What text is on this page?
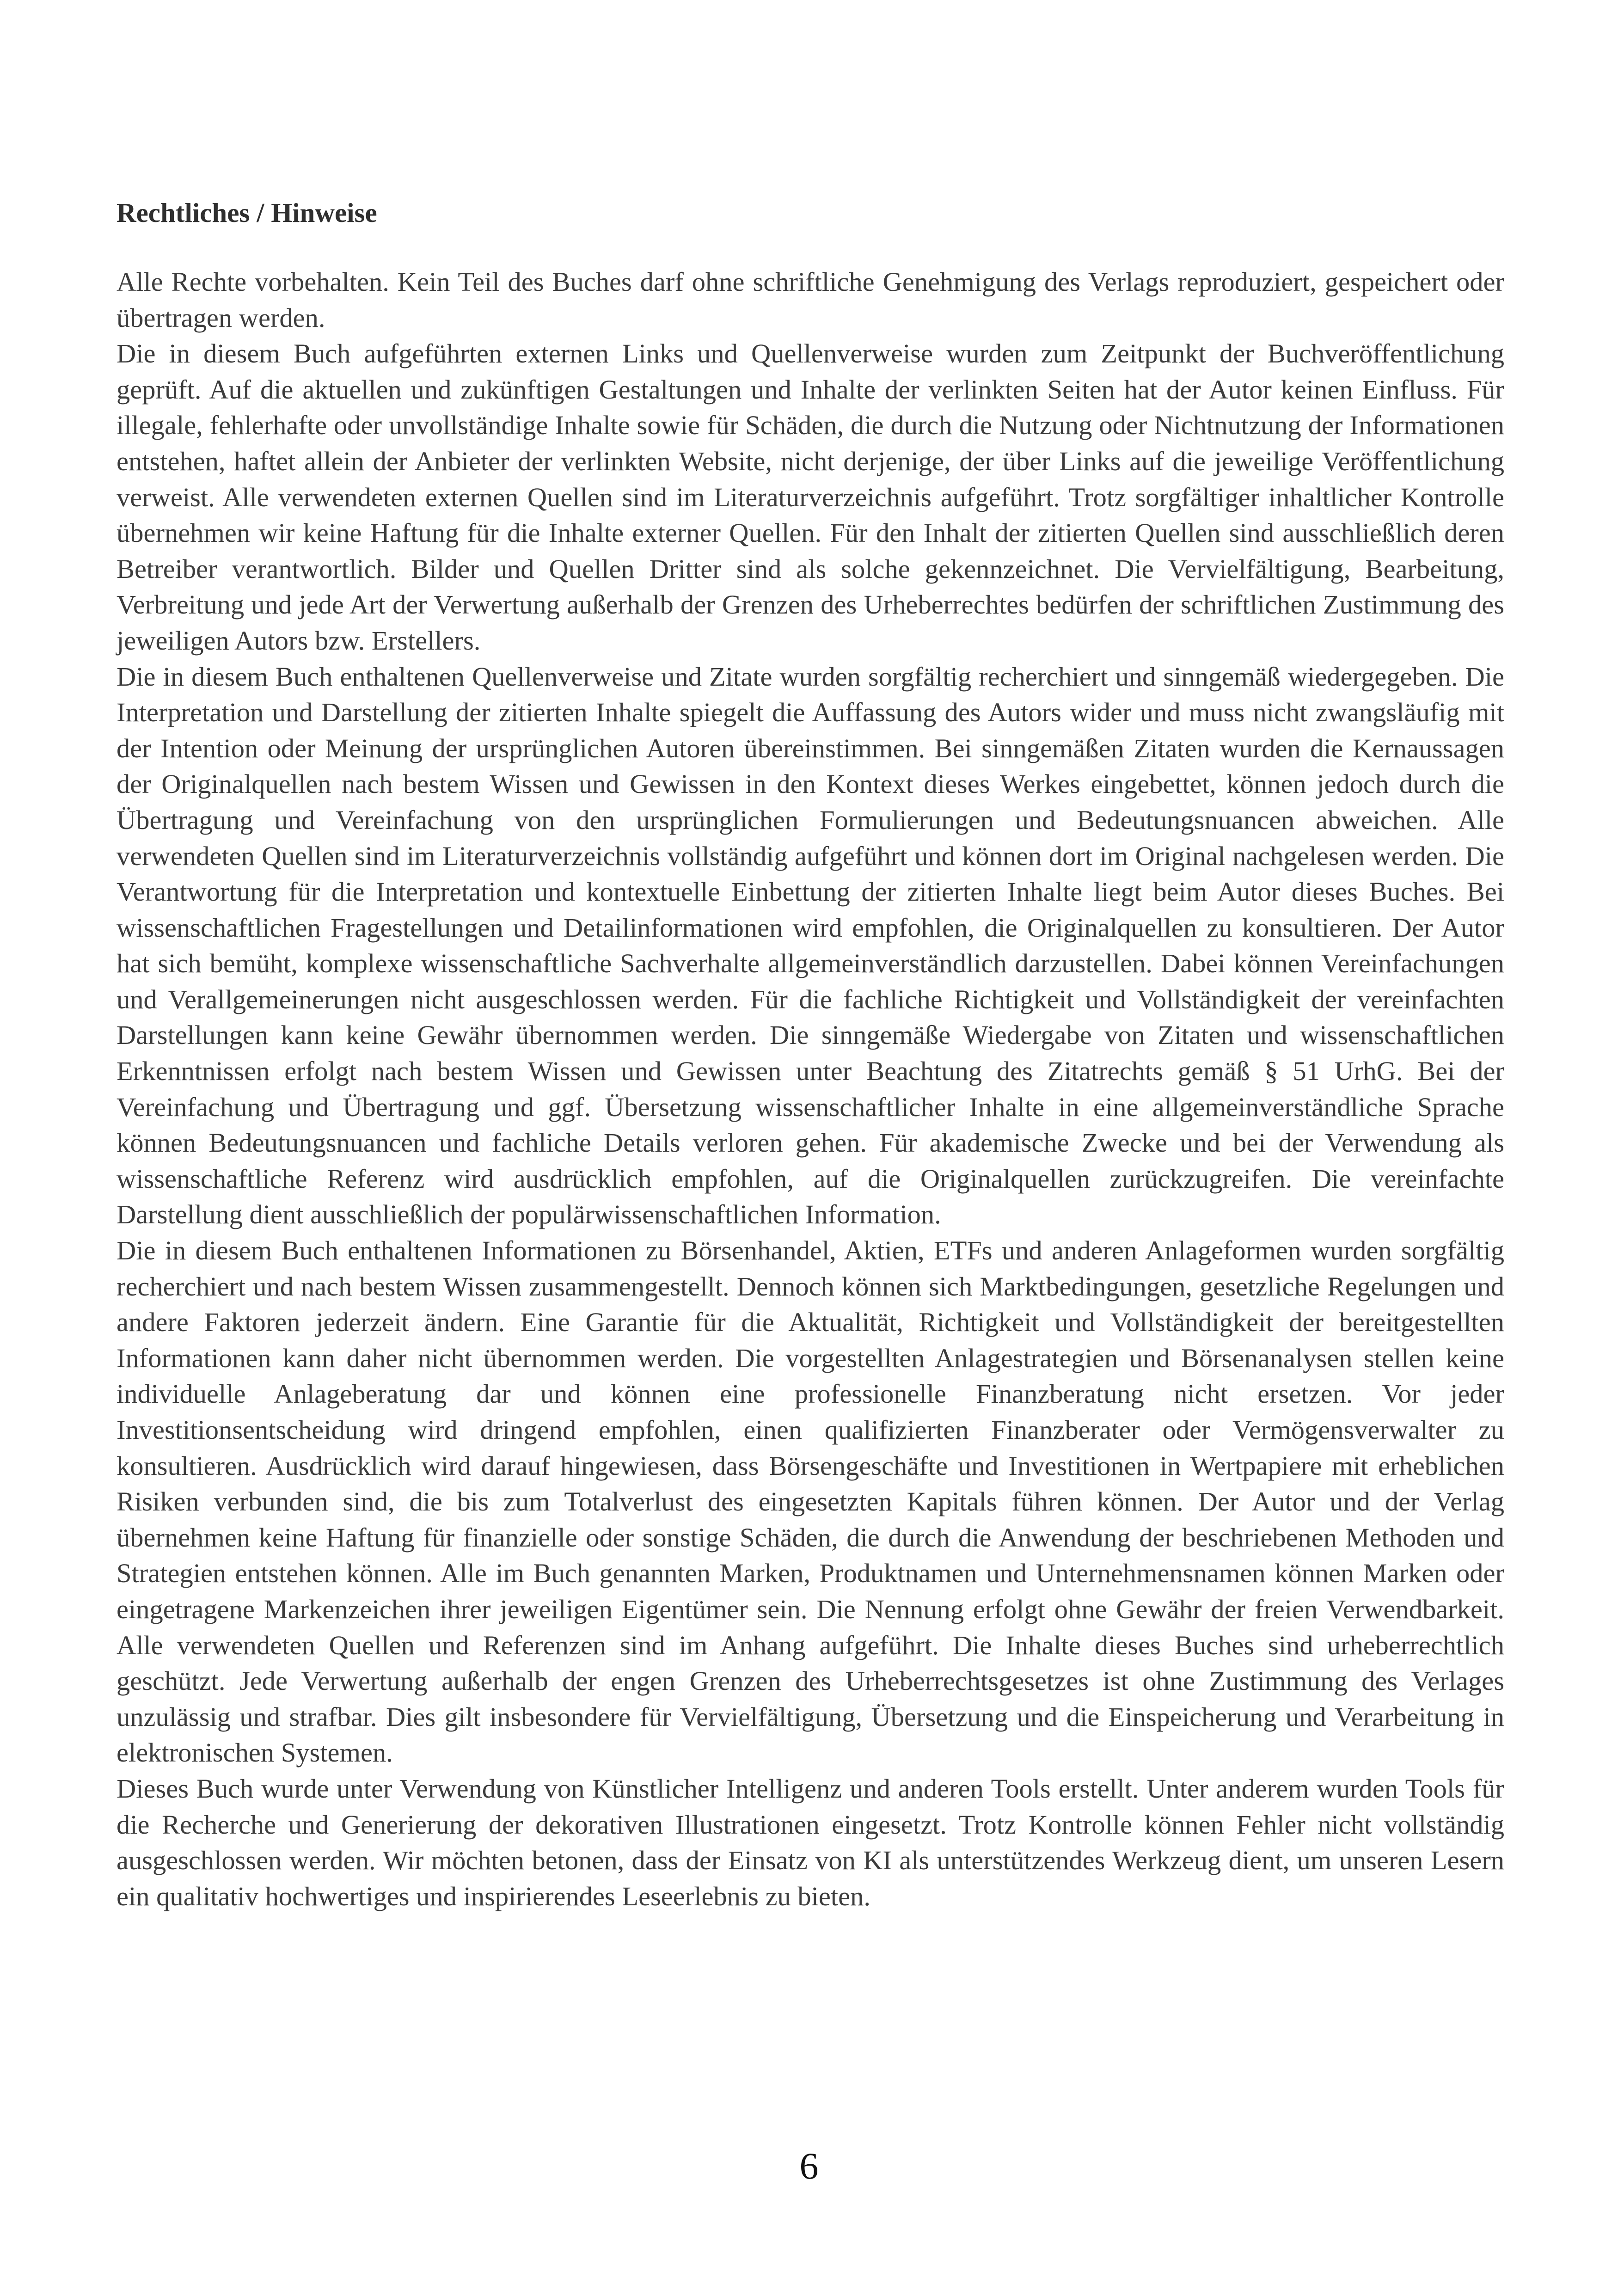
Rechtliches / Hinweise

Alle Rechte vorbehalten. Kein Teil des Buches darf ohne schriftliche Genehmigung des Verlags reproduziert, gespeichert oder übertragen werden.

Die in diesem Buch aufgeführten externen Links und Quellenverweise wurden zum Zeitpunkt der Buchveröffentlichung geprüft. Auf die aktuellen und zukünftigen Gestaltungen und Inhalte der verlinkten Seiten hat der Autor keinen Einfluss. Für illegale, fehlerhafte oder unvollständige Inhalte sowie für Schäden, die durch die Nutzung oder Nichtnutzung der Informationen entstehen, haftet allein der Anbieter der verlinkten Website, nicht derjenige, der über Links auf die jeweilige Veröffentlichung verweist. Alle verwendeten externen Quellen sind im Literaturverzeichnis aufgeführt. Trotz sorgfältiger inhaltlicher Kontrolle übernehmen wir keine Haftung für die Inhalte externer Quellen. Für den Inhalt der zitierten Quellen sind ausschließlich deren Betreiber verantwortlich. Bilder und Quellen Dritter sind als solche gekennzeichnet. Die Vervielfältigung, Bearbeitung, Verbreitung und jede Art der Verwertung außerhalb der Grenzen des Urheberrechtes bedürfen der schriftlichen Zustimmung des jeweiligen Autors bzw. Erstellers.

Die in diesem Buch enthaltenen Quellenverweise und Zitate wurden sorgfältig recherchiert und sinngemäß wiedergegeben. Die Interpretation und Darstellung der zitierten Inhalte spiegelt die Auffassung des Autors wider und muss nicht zwangsläufig mit der Intention oder Meinung der ursprünglichen Autoren übereinstimmen. Bei sinngemäßen Zitaten wurden die Kernaussagen der Originalquellen nach bestem Wissen und Gewissen in den Kontext dieses Werkes eingebettet, können jedoch durch die Übertragung und Vereinfachung von den ursprünglichen Formulierungen und Bedeutungsnuancen abweichen. Alle verwendeten Quellen sind im Literaturverzeichnis vollständig aufgeführt und können dort im Original nachgelesen werden. Die Verantwortung für die Interpretation und kontextuelle Einbettung der zitierten Inhalte liegt beim Autor dieses Buches. Bei wissenschaftlichen Fragestellungen und Detailinformationen wird empfohlen, die Originalquellen zu konsultieren. Der Autor hat sich bemüht, komplexe wissenschaftliche Sachverhalte allgemeinverständlich darzustellen. Dabei können Vereinfachungen und Verallgemeinerungen nicht ausgeschlossen werden. Für die fachliche Richtigkeit und Vollständigkeit der vereinfachten Darstellungen kann keine Gewähr übernommen werden. Die sinngemäße Wiedergabe von Zitaten und wissenschaftlichen Erkenntnissen erfolgt nach bestem Wissen und Gewissen unter Beachtung des Zitatrechts gemäß § 51 UrhG. Bei der Vereinfachung und Übertragung und ggf. Übersetzung wissenschaftlicher Inhalte in eine allgemeinverständliche Sprache können Bedeutungsnuancen und fachliche Details verloren gehen. Für akademische Zwecke und bei der Verwendung als wissenschaftliche Referenz wird ausdrücklich empfohlen, auf die Originalquellen zurückzugreifen. Die vereinfachte Darstellung dient ausschließlich der populärwissenschaftlichen Information.

Die in diesem Buch enthaltenen Informationen zu Börsenhandel, Aktien, ETFs und anderen Anlageformen wurden sorgfältig recherchiert und nach bestem Wissen zusammengestellt. Dennoch können sich Marktbedingungen, gesetzliche Regelungen und andere Faktoren jederzeit ändern. Eine Garantie für die Aktualität, Richtigkeit und Vollständigkeit der bereitgestellten Informationen kann daher nicht übernommen werden. Die vorgestellten Anlagestrategien und Börsenanalysen stellen keine individuelle Anlageberatung dar und können eine professionelle Finanzberatung nicht ersetzen. Vor jeder Investitionsentscheidung wird dringend empfohlen, einen qualifizierten Finanzberater oder Vermögensverwalter zu konsultieren. Ausdrücklich wird darauf hingewiesen, dass Börsengeschäfte und Investitionen in Wertpapiere mit erheblichen Risiken verbunden sind, die bis zum Totalverlust des eingesetzten Kapitals führen können. Der Autor und der Verlag übernehmen keine Haftung für finanzielle oder sonstige Schäden, die durch die Anwendung der beschriebenen Methoden und Strategien entstehen können. Alle im Buch genannten Marken, Produktnamen und Unternehmensnamen können Marken oder eingetragene Markenzeichen ihrer jeweiligen Eigentümer sein. Die Nennung erfolgt ohne Gewähr der freien Verwendbarkeit. Alle verwendeten Quellen und Referenzen sind im Anhang aufgeführt. Die Inhalte dieses Buches sind urheberrechtlich geschützt. Jede Verwertung außerhalb der engen Grenzen des Urheberrechtsgesetzes ist ohne Zustimmung des Verlages unzulässig und strafbar. Dies gilt insbesondere für Vervielfältigung, Übersetzung und die Einspeicherung und Verarbeitung in elektronischen Systemen.

Dieses Buch wurde unter Verwendung von Künstlicher Intelligenz und anderen Tools erstellt. Unter anderem wurden Tools für die Recherche und Generierung der dekorativen Illustrationen eingesetzt. Trotz Kontrolle können Fehler nicht vollständig ausgeschlossen werden. Wir möchten betonen, dass der Einsatz von KI als unterstützendes Werkzeug dient, um unseren Lesern ein qualitativ hochwertiges und inspirierendes Leseerlebnis zu bieten.

6
